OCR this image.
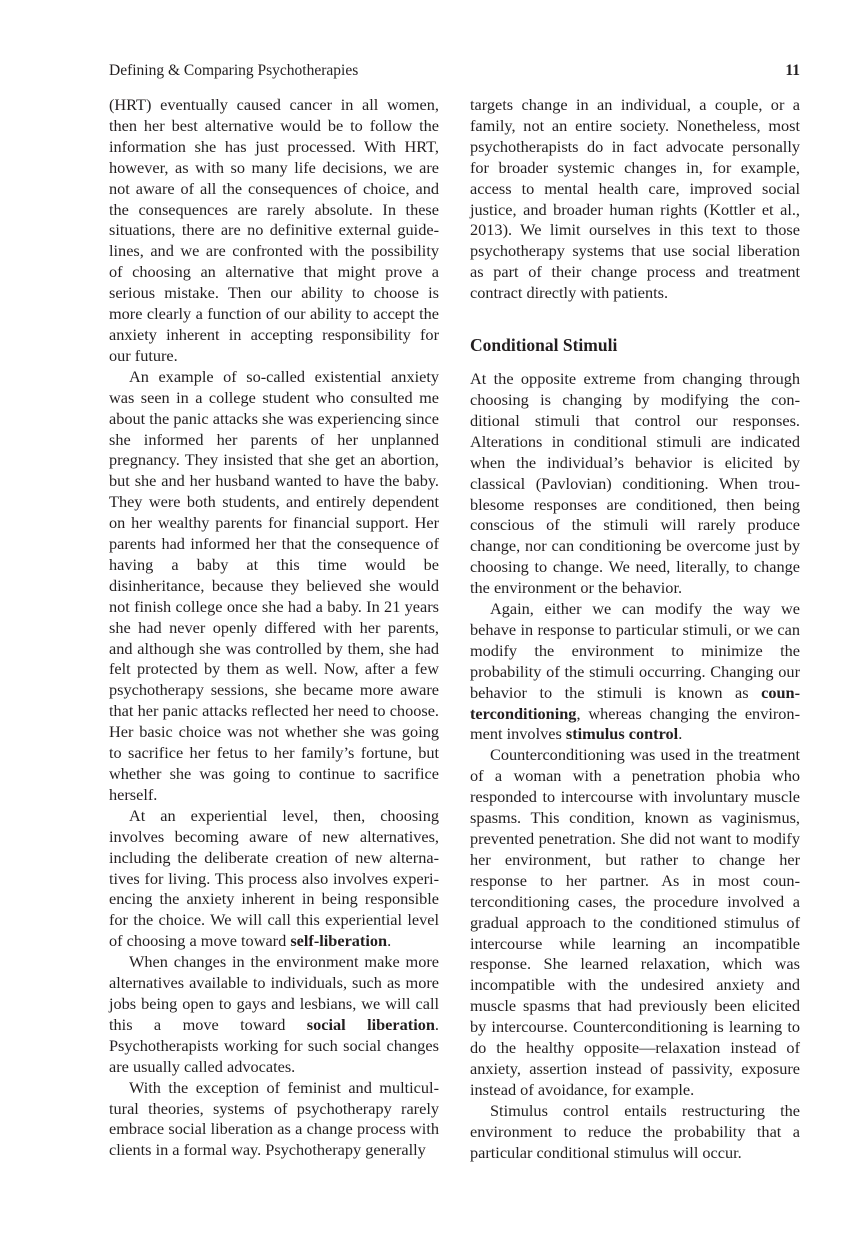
Defining & Comparing Psychotherapies	11

(HRT) eventually caused cancer in all women, then her best alternative would be to follow the information she has just processed. With HRT, however, as with so many life decisions, we are not aware of all the consequences of choice, and the consequences are rarely absolute. In these situations, there are no definitive external guidelines, and we are confronted with the possibility of choosing an alternative that might prove a serious mistake. Then our ability to choose is more clearly a function of our ability to accept the anxiety inherent in accepting responsibility for our future.

An example of so-called existential anxiety was seen in a college student who consulted me about the panic attacks she was experiencing since she informed her parents of her unplanned pregnancy. They insisted that she get an abortion, but she and her husband wanted to have the baby. They were both students, and entirely dependent on her wealthy parents for financial support. Her parents had informed her that the consequence of having a baby at this time would be disinheritance, because they believed she would not finish college once she had a baby. In 21 years she had never openly differed with her parents, and although she was controlled by them, she had felt protected by them as well. Now, after a few psychotherapy sessions, she became more aware that her panic attacks reflected her need to choose. Her basic choice was not whether she was going to sacrifice her fetus to her family’s fortune, but whether she was going to continue to sacrifice herself.

At an experiential level, then, choosing involves becoming aware of new alternatives, including the deliberate creation of new alternatives for living. This process also involves experiencing the anxiety inherent in being responsible for the choice. We will call this experiential level of choosing a move toward self-liberation.

When changes in the environment make more alternatives available to individuals, such as more jobs being open to gays and lesbians, we will call this a move toward social liberation. Psychotherapists working for such social changes are usually called advocates.

With the exception of feminist and multicultural theories, systems of psychotherapy rarely embrace social liberation as a change process with clients in a formal way. Psychotherapy generally

targets change in an individual, a couple, or a family, not an entire society. Nonetheless, most psychotherapists do in fact advocate personally for broader systemic changes in, for example, access to mental health care, improved social justice, and broader human rights (Kottler et al., 2013). We limit ourselves in this text to those psychotherapy systems that use social liberation as part of their change process and treatment contract directly with patients.

Conditional Stimuli

At the opposite extreme from changing through choosing is changing by modifying the conditional stimuli that control our responses. Alterations in conditional stimuli are indicated when the individual’s behavior is elicited by classical (Pavlovian) conditioning. When troublesome responses are conditioned, then being conscious of the stimuli will rarely produce change, nor can conditioning be overcome just by choosing to change. We need, literally, to change the environment or the behavior.

Again, either we can modify the way we behave in response to particular stimuli, or we can modify the environment to minimize the probability of the stimuli occurring. Changing our behavior to the stimuli is known as counterconditioning, whereas changing the environment involves stimulus control.

Counterconditioning was used in the treatment of a woman with a penetration phobia who responded to intercourse with involuntary muscle spasms. This condition, known as vaginismus, prevented penetration. She did not want to modify her environment, but rather to change her response to her partner. As in most counterconditioning cases, the procedure involved a gradual approach to the conditioned stimulus of intercourse while learning an incompatible response. She learned relaxation, which was incompatible with the undesired anxiety and muscle spasms that had previously been elicited by intercourse. Counterconditioning is learning to do the healthy opposite—relaxation instead of anxiety, assertion instead of passivity, exposure instead of avoidance, for example.

Stimulus control entails restructuring the environment to reduce the probability that a particular conditional stimulus will occur.
